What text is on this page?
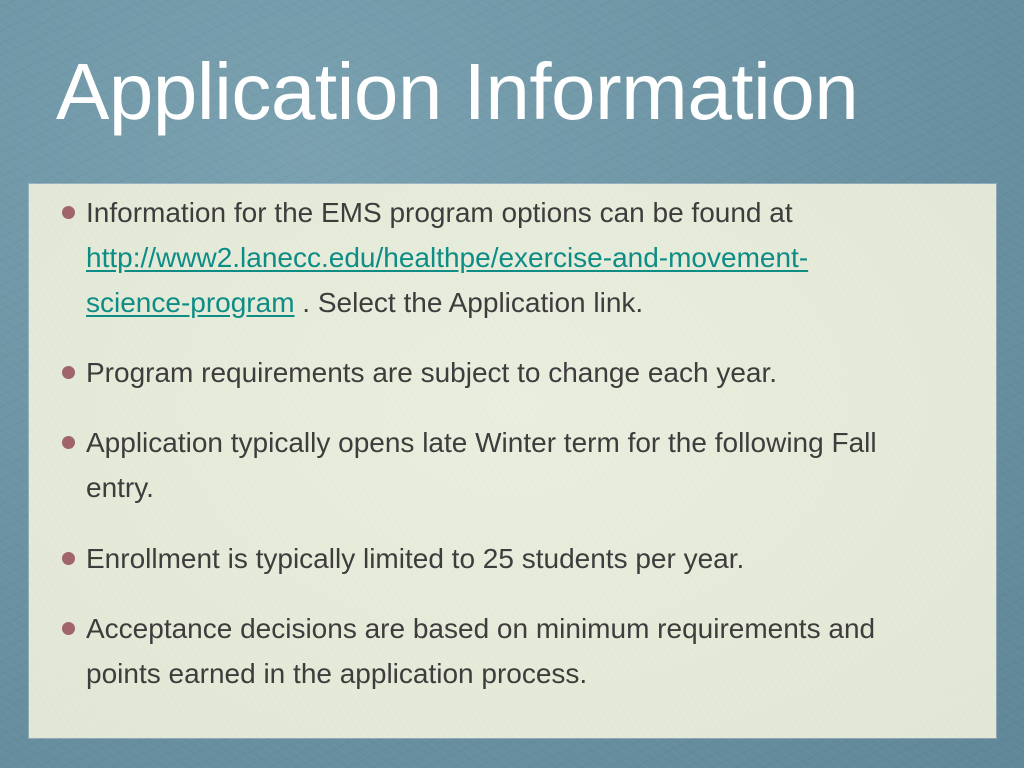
Application Information
Information for the EMS program options can be found at
http://www2.lanecc.edu/healthpe/exercise-and-movement-
science-program . Select the Application link.
Program requirements are subject to change each year.
Application typically opens late Winter term for the following Fall entry.
Enrollment is typically limited to 25 students per year.
Acceptance decisions are based on minimum requirements and points earned in the application process.
